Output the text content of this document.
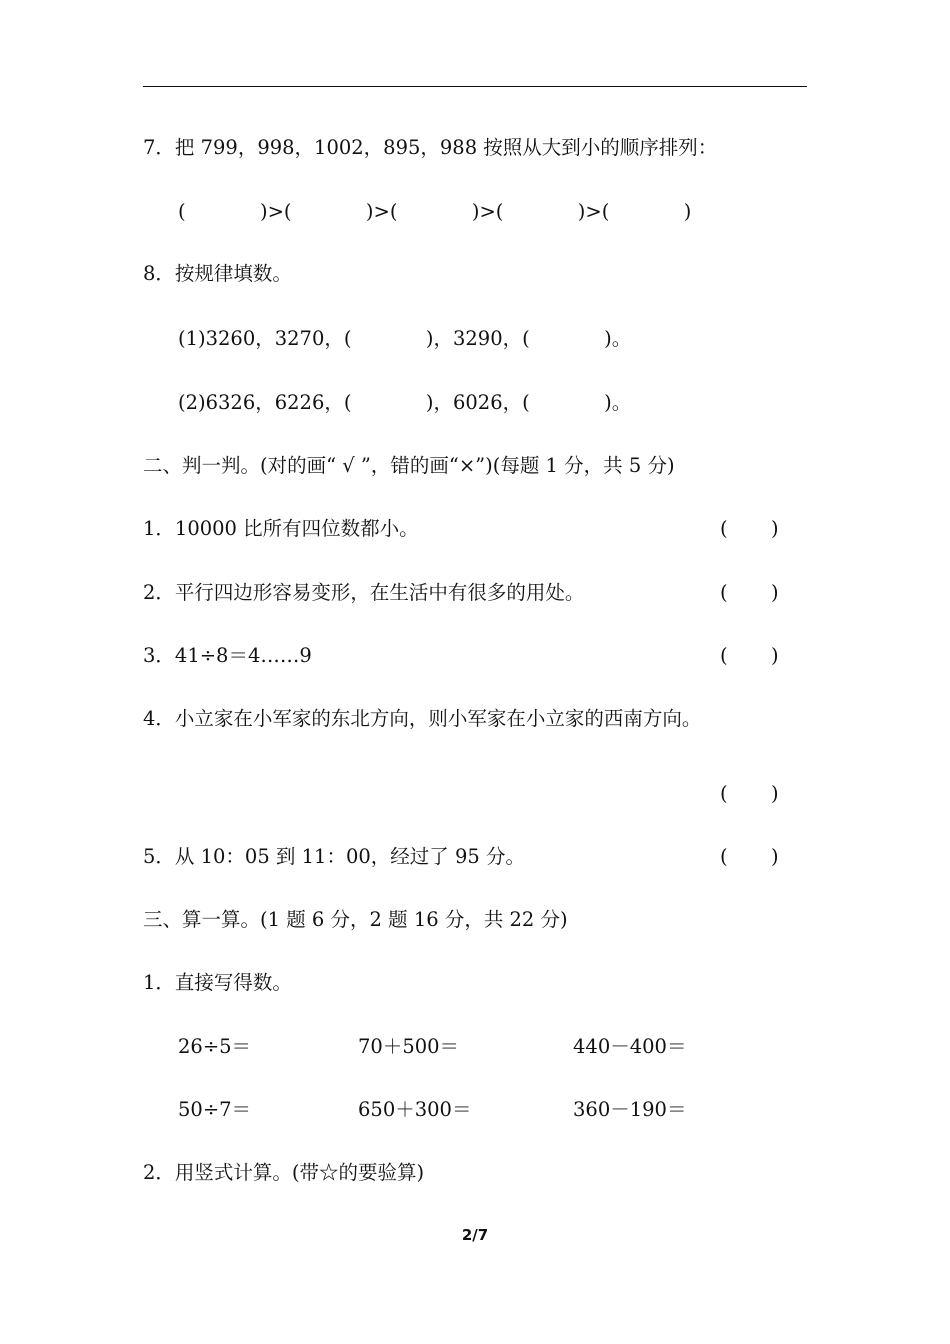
7．把 799，998，1002，895，988 按照从大到小的顺序排列：
(            )>(            )>(            )>(            )>(            )
8．按规律填数。
(1)3260，3270，(            )，3290，(            )。
(2)6326，6226，(            )，6026，(            )。
二、判一判。(对的画“ √ ”，错的画“×”)(每题 1 分，共 5 分)
1．10000 比所有四位数都小。	(       )
2．平行四边形容易变形，在生活中有很多的用处。	(       )
3．41÷8＝4……9	(       )
4．小立家在小军家的东北方向，则小军家在小立家的西南方向。
(       )
5．从 10：05 到 11：00，经过了 95 分。	(       )
三、算一算。(1 题 6 分，2 题 16 分，共 22 分)
1．直接写得数。
26÷5＝	70＋500＝	440－400＝
50÷7＝	650＋300＝	360－190＝
2．用竖式计算。(带☆的要验算)
2/7
